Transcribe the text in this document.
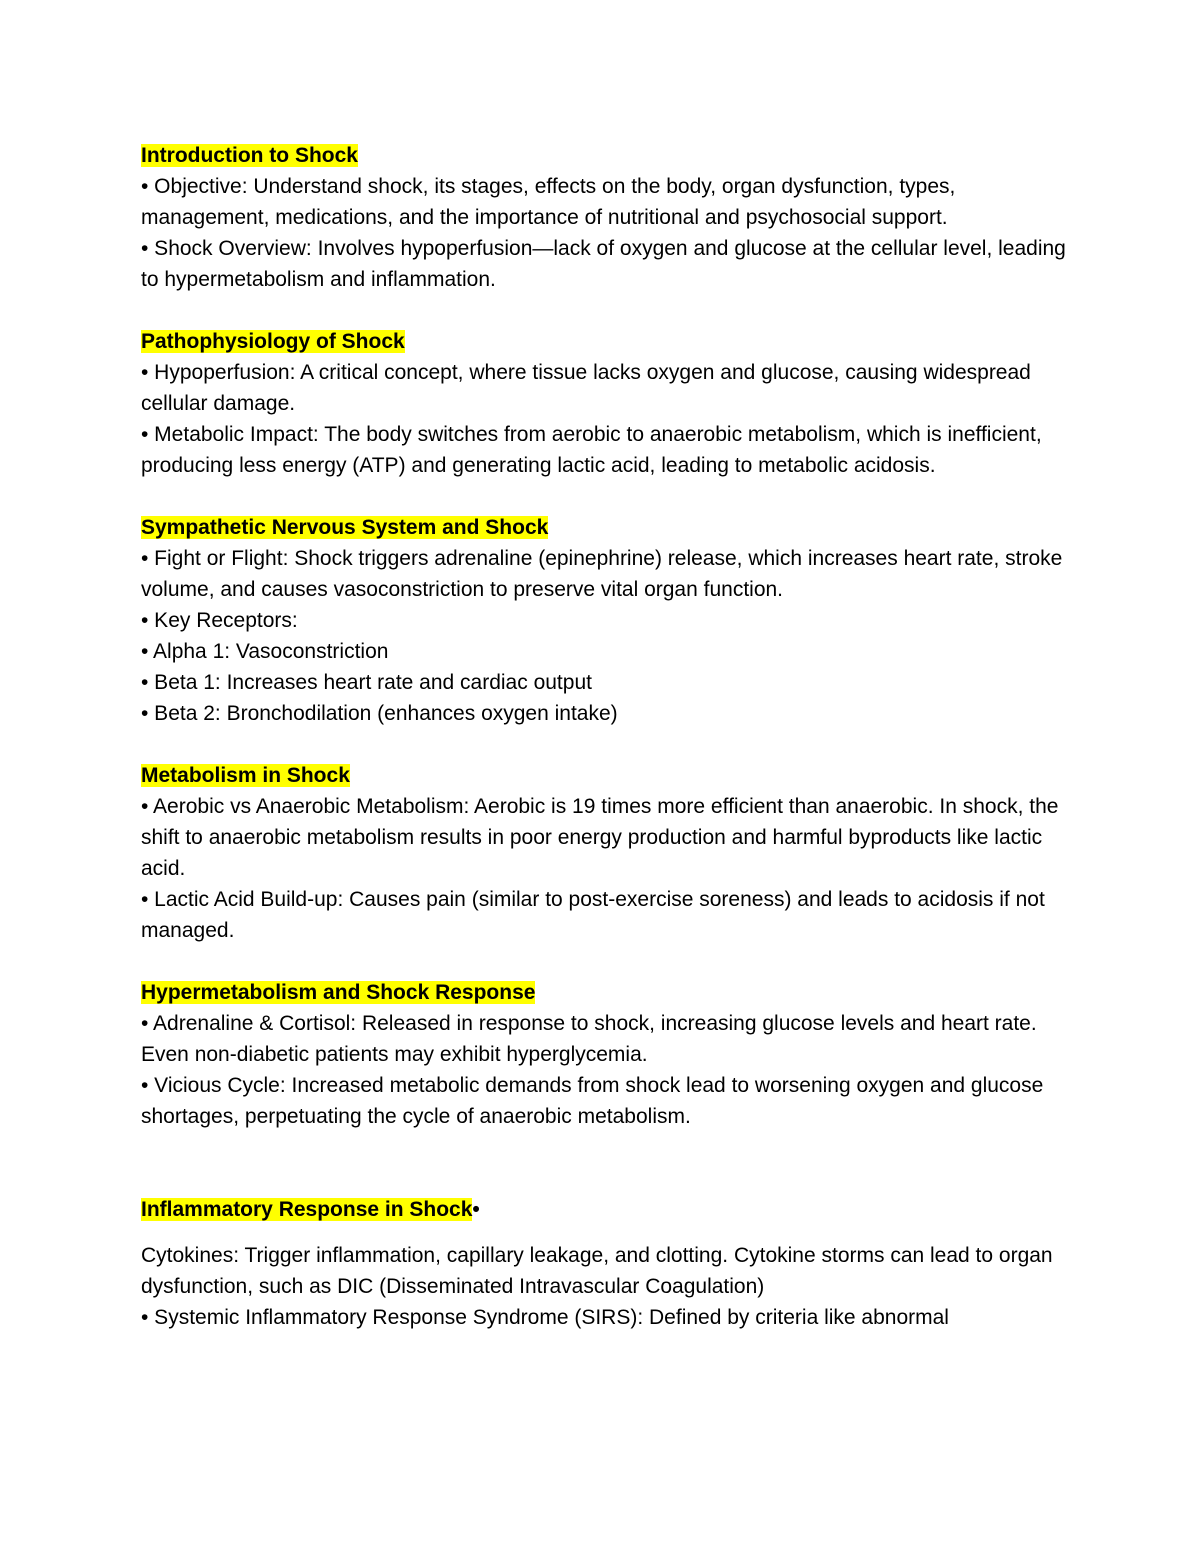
Introduction to Shock

• Objective: Understand shock, its stages, effects on the body, organ dysfunction, types, management, medications, and the importance of nutritional and psychosocial support.

• Shock Overview: Involves hypoperfusion—lack of oxygen and glucose at the cellular level, leading to hypermetabolism and inflammation.

Pathophysiology of Shock

• Hypoperfusion: A critical concept, where tissue lacks oxygen and glucose, causing widespread cellular damage.

• Metabolic Impact: The body switches from aerobic to anaerobic metabolism, which is inefficient, producing less energy (ATP) and generating lactic acid, leading to metabolic acidosis.

Sympathetic Nervous System and Shock

• Fight or Flight: Shock triggers adrenaline (epinephrine) release, which increases heart rate, stroke volume, and causes vasoconstriction to preserve vital organ function.

• Key Receptors:

• Alpha 1: Vasoconstriction

• Beta 1: Increases heart rate and cardiac output

• Beta 2: Bronchodilation (enhances oxygen intake)

Metabolism in Shock

• Aerobic vs Anaerobic Metabolism: Aerobic is 19 times more efficient than anaerobic. In shock, the shift to anaerobic metabolism results in poor energy production and harmful byproducts like lactic acid.

• Lactic Acid Build-up: Causes pain (similar to post-exercise soreness) and leads to acidosis if not managed.

Hypermetabolism and Shock Response

• Adrenaline & Cortisol: Released in response to shock, increasing glucose levels and heart rate. Even non-diabetic patients may exhibit hyperglycemia.

• Vicious Cycle: Increased metabolic demands from shock lead to worsening oxygen and glucose shortages, perpetuating the cycle of anaerobic metabolism.

Inflammatory Response in Shock•

Cytokines: Trigger inflammation, capillary leakage, and clotting. Cytokine storms can lead to organ dysfunction, such as DIC (Disseminated Intravascular Coagulation)

• Systemic Inflammatory Response Syndrome (SIRS): Defined by criteria like abnormal
